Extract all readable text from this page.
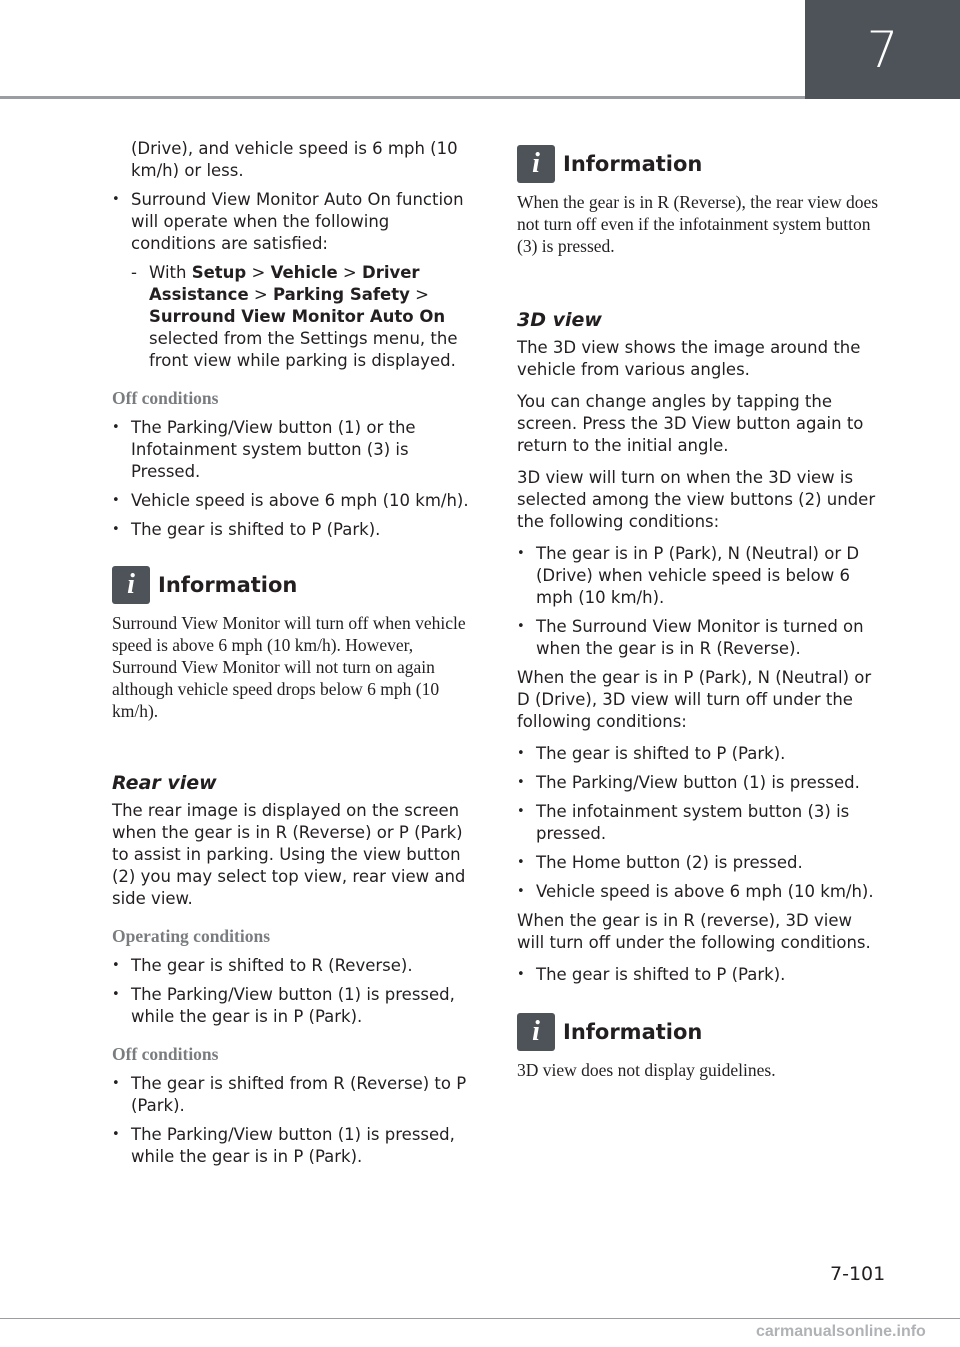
7

(Drive), and vehicle speed is 6 mph (10 km/h) or less.

• Surround View Monitor Auto On function will operate when the following conditions are satisfied:
- With Setup > Vehicle > Driver Assistance > Parking Safety > Surround View Monitor Auto On selected from the Settings menu, the front view while parking is displayed.
Off conditions
• The Parking/View button (1) or the Infotainment system button (3) is Pressed.
• Vehicle speed is above 6 mph (10 km/h).
• The gear is shifted to P (Park).
i	Information

Surround View Monitor will turn off when vehicle speed is above 6 mph (10 km/h). However, Surround View Monitor will not turn on again although vehicle speed drops below 6 mph (10 km/h).

Rear view

The rear image is displayed on the screen when the gear is in R (Reverse) or P (Park) to assist in parking. Using the view button (2) you may select top view, rear view and side view.

Operating conditions
• The gear is shifted to R (Reverse).
• The Parking/View button (1) is pressed, while the gear is in P (Park).
Off conditions
• The gear is shifted from R (Reverse) to P (Park).
• The Parking/View button (1) is pressed, while the gear is in P (Park).
i	Information

When the gear is in R (Reverse), the rear view does not turn off even if the infotainment system button (3) is pressed.

3D view

The 3D view shows the image around the vehicle from various angles.

You can change angles by tapping the screen. Press the 3D View button again to return to the initial angle.

3D view will turn on when the 3D view is selected among the view buttons (2) under the following conditions:

• The gear is in P (Park), N (Neutral) or D (Drive) when vehicle speed is below 6 mph (10 km/h).
• The Surround View Monitor is turned on when the gear is in R (Reverse).

When the gear is in P (Park), N (Neutral) or D (Drive), 3D view will turn off under the following conditions:

• The gear is shifted to P (Park).
• The Parking/View button (1) is pressed.
• The infotainment system button (3) is pressed.
• The Home button (2) is pressed.
• Vehicle speed is above 6 mph (10 km/h).

When the gear is in R (reverse), 3D view will turn off under the following conditions.

• The gear is shifted to P (Park).
i	Information

3D view does not display guidelines.

7-101
carmanualsonline.info
